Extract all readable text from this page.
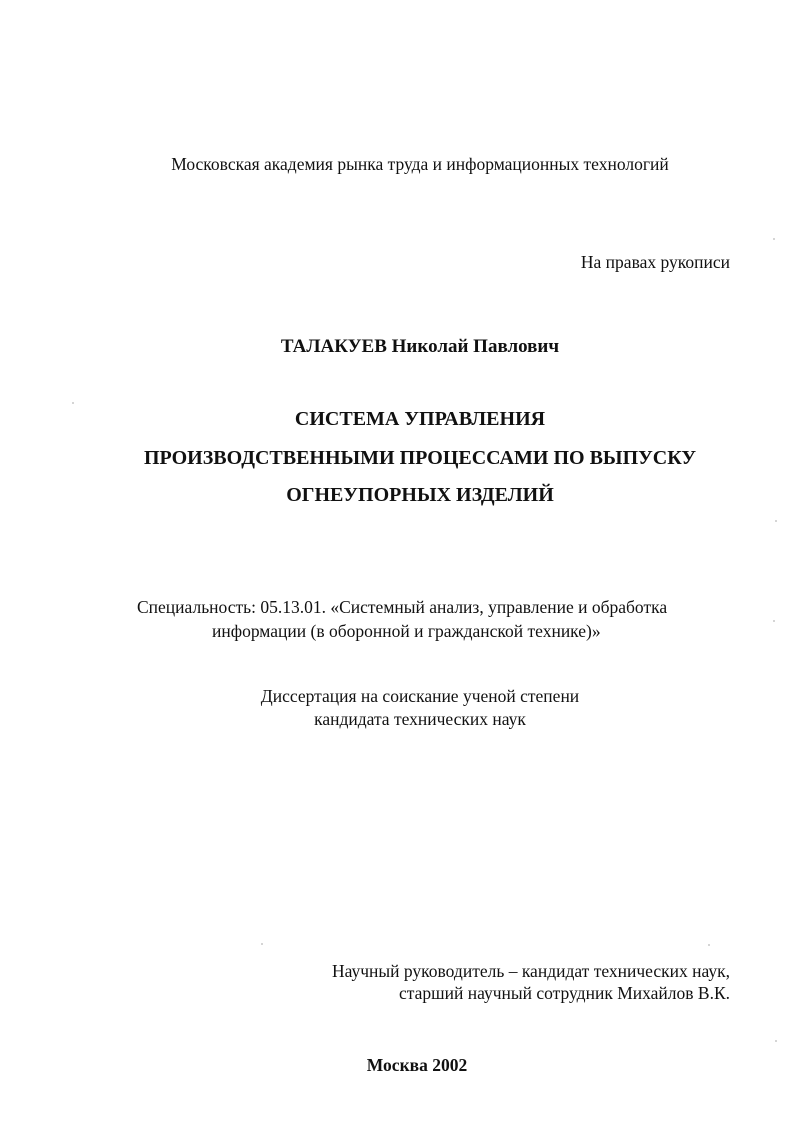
Московская академия рынка труда и информационных технологий
На правах рукописи
ТАЛАКУЕВ Николай Павлович
СИСТЕМА УПРАВЛЕНИЯ
ПРОИЗВОДСТВЕННЫМИ ПРОЦЕССАМИ ПО ВЫПУСКУ
ОГНЕУПОРНЫХ ИЗДЕЛИЙ
Специальность: 05.13.01. «Системный анализ, управление и обработка
информации (в оборонной и гражданской технике)»
Диссертация на соискание ученой степени
кандидата технических наук
Научный руководитель – кандидат технических наук,
старший научный сотрудник Михайлов В.К.
Москва 2002
